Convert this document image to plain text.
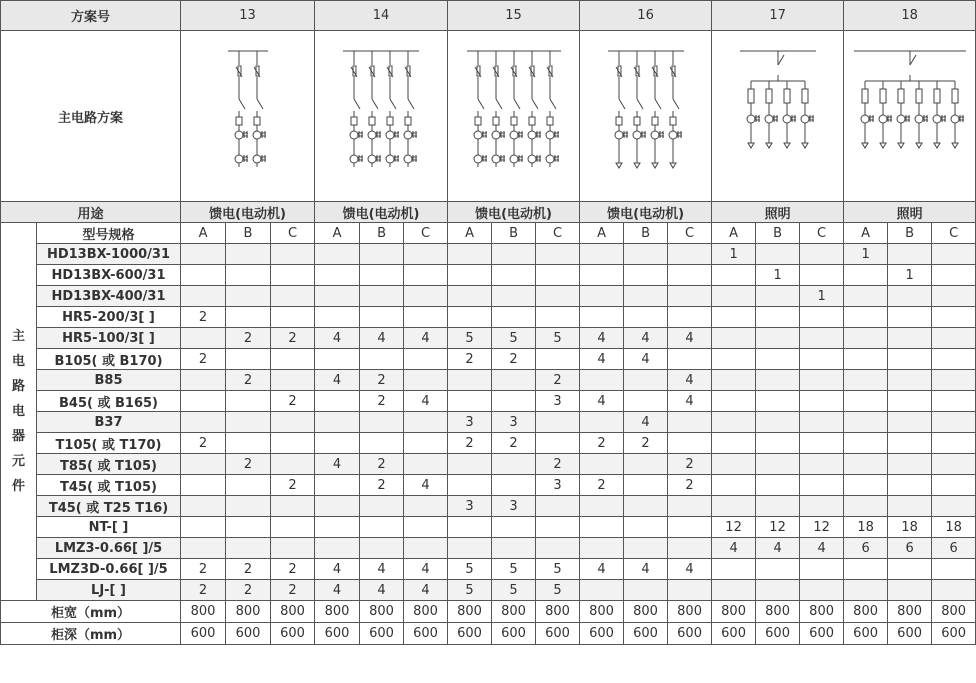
方案号		13			14			15			16			17			18		
主电路方案	

用途		馈电(电动机)			馈电(电动机)			馈电(电动机)			馈电(电动机)			照明			照明		
主电路电器元件	型号规格	A	B	C	A	B	C	A	B	C	A	B	C	A	B	C	A	B	C
	HD13BX-1000/31													1			1		
	HD13BX-600/31														1			1	
	HD13BX-400/31															1			
	HR5-200/3[ ]	2																	
	HR5-100/3[ ]		2	2	4	4	4	5	5	5	4	4	4						
	B105( 或 B170)	2						2	2		4	4							
	B85		2		4	2				2			4						
	B45( 或 B165)			2		2	4			3	4		4						
	B37							3	3			4							
	T105( 或 T170)	2						2	2		2	2							
	T85( 或 T105)		2		4	2				2			2						
	T45( 或 T105)			2		2	4			3	2		2						
	T45( 或 T25 T16)							3	3										
	NT-[ ]													12	12	12	18	18	18
	LMZ3-0.66[ ]/5													4	4	4	6	6	6
	LMZ3D-0.66[ ]/5	2	2	2	4	4	4	5	5	5	4	4	4						
	LJ-[ ]	2	2	2	4	4	4	5	5	5									
柜宽（mm）		800	800	800	800	800	800	800	800	800	800	800	800	800	800	800	800	800	800
柜深（mm）		600	600	600	600	600	600	600	600	600	600	600	600	600	600	600	600	600	600
